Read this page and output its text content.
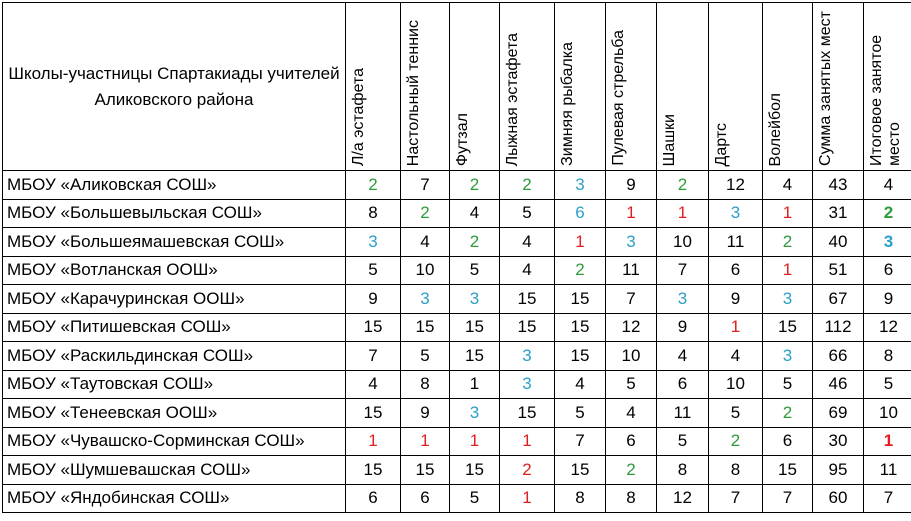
Школы-участницы Спартакиады учителей Аликовского района	Л/а эстафета	Настольный теннис	Футзал	Лыжная эстафета	Зимняя рыбалка	Пулевая стрельба	Шашки	Дартс	Волейбол	Сумма занятых мест	Итоговое занятое место

МБОУ «Аликовская СОШ»	2	7	2	2	3	9	2	12	4	43	4
МБОУ «Большевыльская СОШ»	8	2	4	5	6	1	1	3	1	31	2
МБОУ «Большеямашевская СОШ»	3	4	2	4	1	3	10	11	2	40	3
МБОУ «Вотланская ООШ»	5	10	5	4	2	11	7	6	1	51	6
МБОУ «Карачуринская ООШ»	9	3	3	15	15	7	3	9	3	67	9
МБОУ «Питишевская СОШ»	15	15	15	15	15	12	9	1	15	112	12
МБОУ «Раскильдинская СОШ»	7	5	15	3	15	10	4	4	3	66	8
МБОУ «Таутовская СОШ»	4	8	1	3	4	5	6	10	5	46	5
МБОУ «Тенеевская ООШ»	15	9	3	15	5	4	11	5	2	69	10
МБОУ «Чувашско-Сорминская СОШ»	1	1	1	1	7	6	5	2	6	30	1
МБОУ «Шумшевашская СОШ»	15	15	15	2	15	2	8	8	15	95	11
МБОУ «Яндобинская СОШ»	6	6	5	1	8	8	12	7	7	60	7
